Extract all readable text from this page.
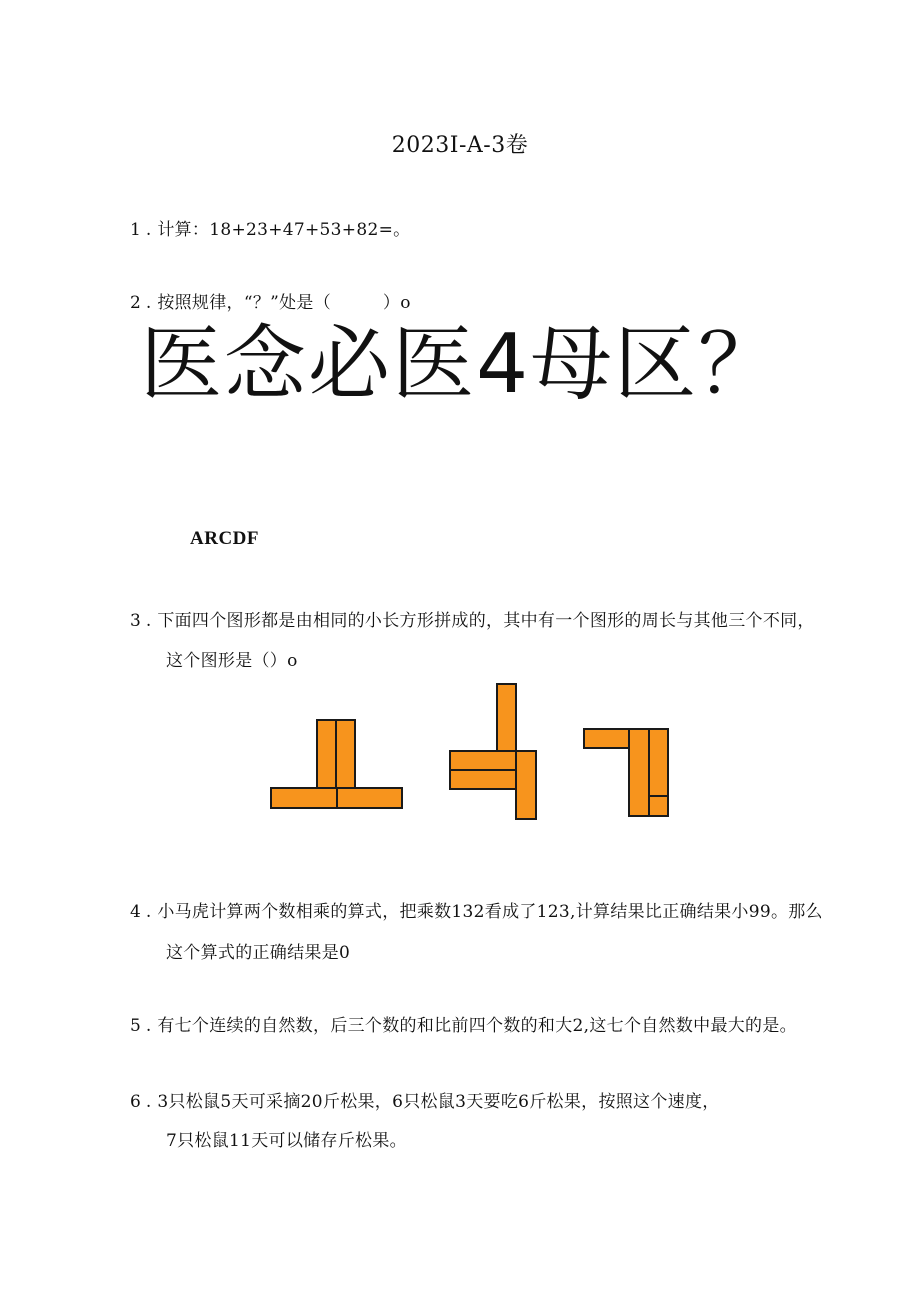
2023I-A-3卷
1 . 计算：18+23+47+53+82=。
2 . 按照规律，“？”处是（　　　）o
医念必医4母区？
ARCDF
3 . 下面四个图形都是由相同的小长方形拼成的，其中有一个图形的周长与其他三个不同，
这个图形是（）o
4 . 小马虎计算两个数相乘的算式，把乘数132看成了123,计算结果比正确结果小99。那么
这个算式的正确结果是0
5 . 有七个连续的自然数，后三个数的和比前四个数的和大2,这七个自然数中最大的是。
6 . 3只松鼠5天可采摘20斤松果，6只松鼠3天要吃6斤松果，按照这个速度，
7只松鼠11天可以储存斤松果。
